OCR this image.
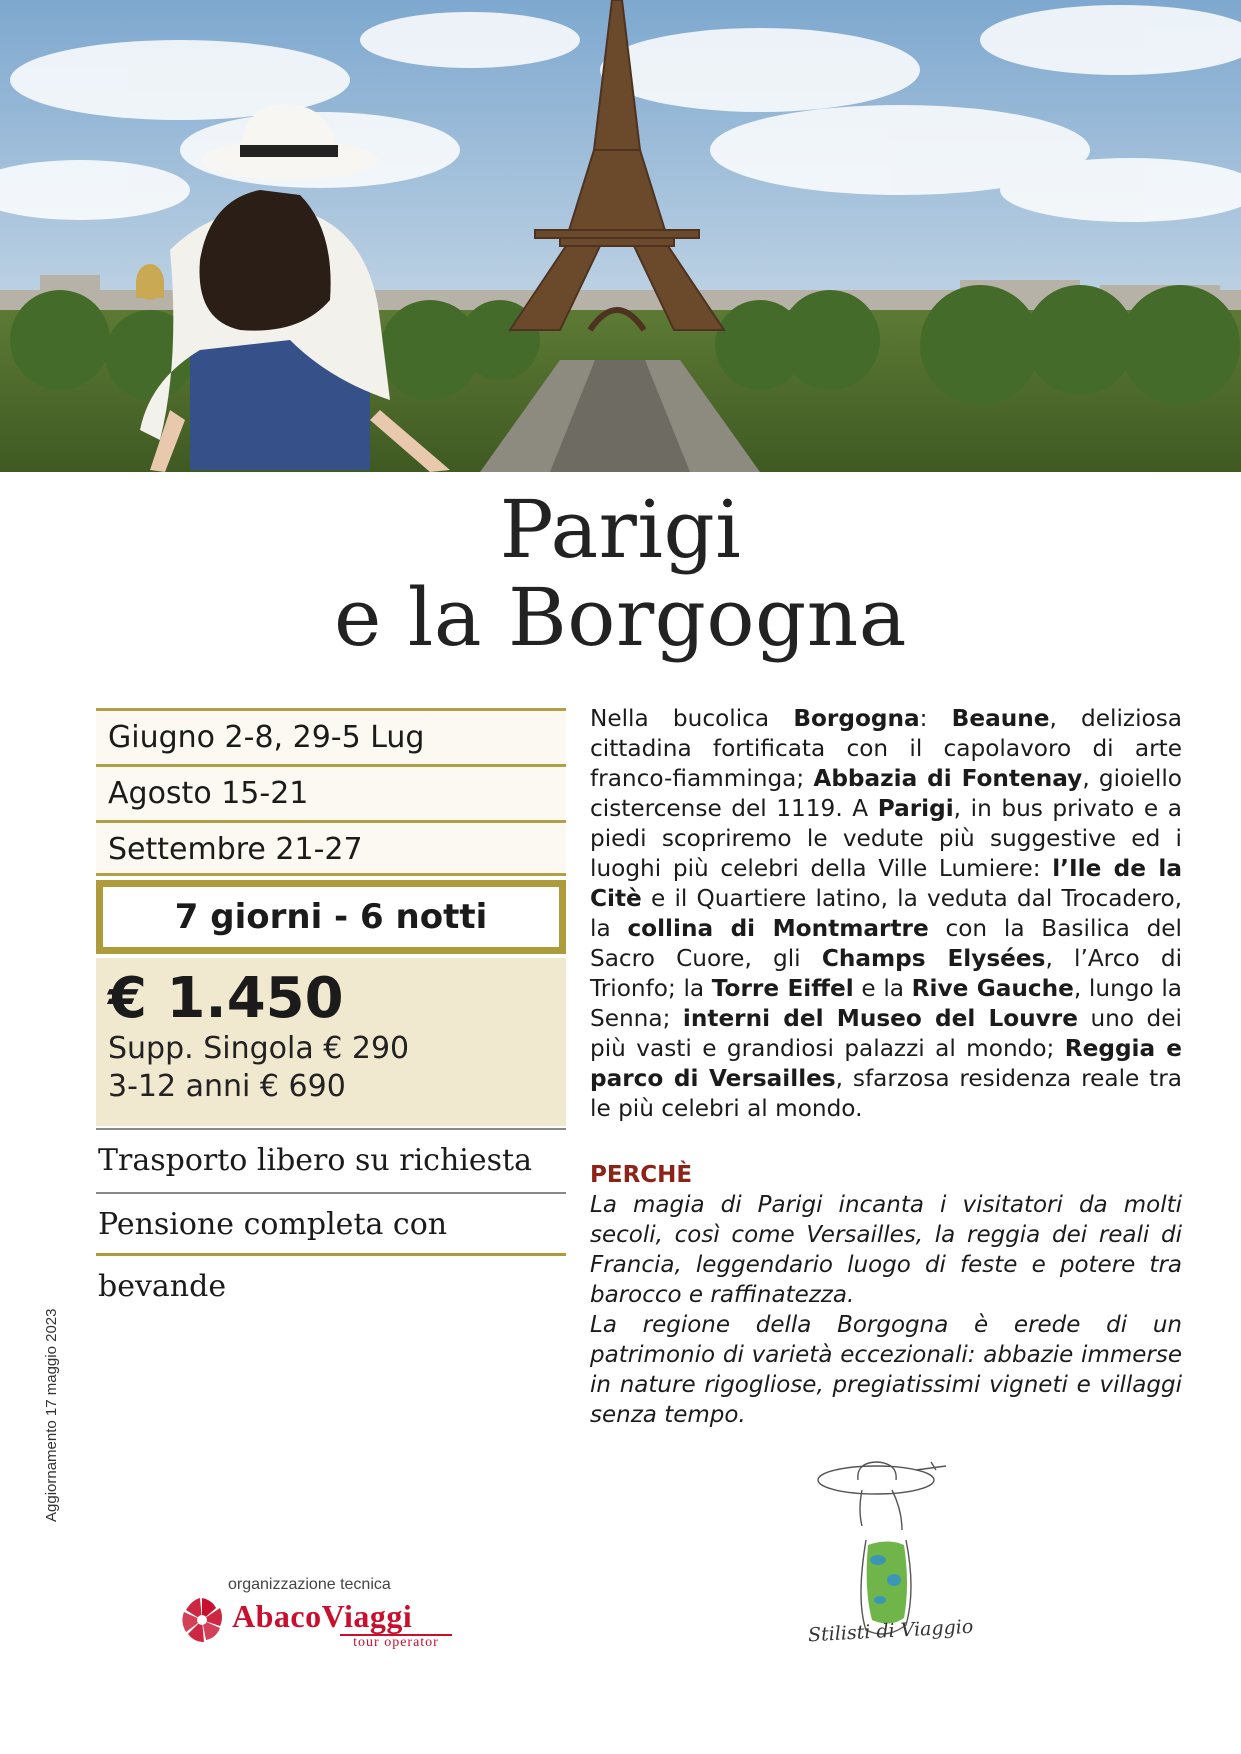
Parigi
e la Borgogna
Giugno 2-8, 29-5 Lug
Agosto 15-21
Settembre 21-27
7 giorni - 6 notti
€ 1.450
Supp. Singola € 290
3-12 anni € 690
Trasporto libero su richiesta
Pensione completa con bevande

Nella bucolica Borgogna: Beaune, deliziosa cittadina fortificata con il capolavoro di arte franco-fiamminga; Abbazia di Fontenay, gioiello cistercense del 1119. A Parigi, in bus privato e a piedi scopriremo le vedute più suggestive ed i luoghi più celebri della Ville Lumiere: l’Ile de la Citè e il Quartiere latino, la veduta dal Trocadero, la collina di Montmartre con la Basilica del Sacro Cuore, gli Champs Elysées, l’Arco di Trionfo; la Torre Eiffel e la Rive Gauche, lungo la Senna; interni del Museo del Louvre uno dei più vasti e grandiosi palazzi al mondo; Reggia e parco di Versailles, sfarzosa residenza reale tra le più celebri al mondo.

PERCHÈ

La magia di Parigi incanta i visitatori da molti secoli, così come Versailles, la reggia dei reali di Francia, leggendario luogo di feste e potere tra barocco e raffinatezza.

La regione della Borgogna è erede di un patrimonio di varietà eccezionali: abbazie immerse in nature rigogliose, pregiatissimi vigneti e villaggi senza tempo.

Aggiornamento 17 maggio 2023
organizzazione tecnica
AbacoViaggi
tour operator	Stilisti di Viaggio
